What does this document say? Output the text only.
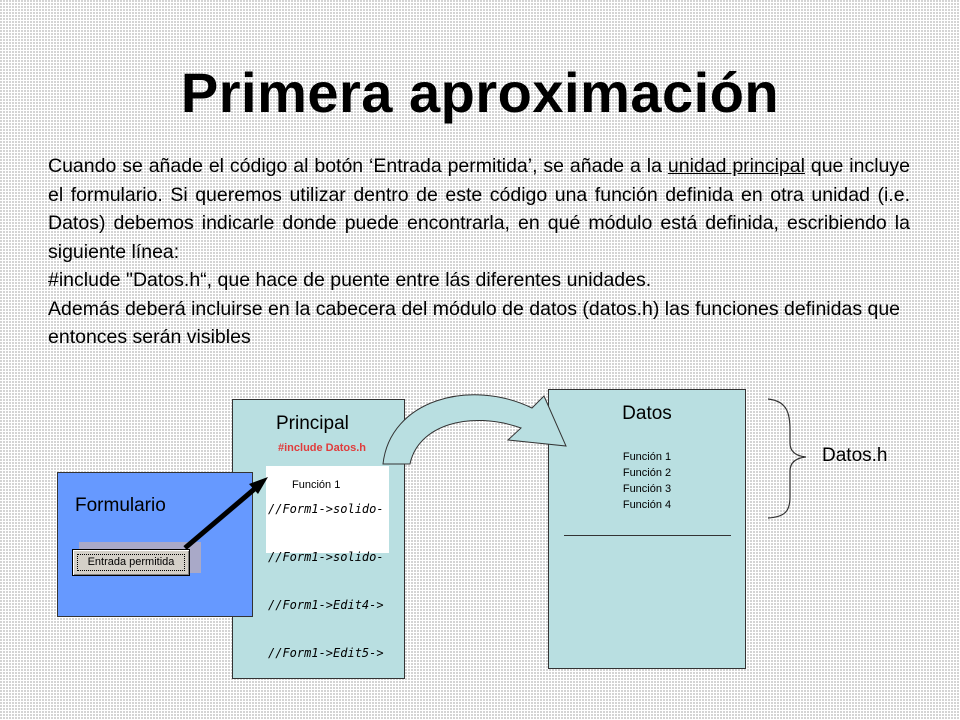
Primera aproximación

Cuando se añade el código al botón ‘Entrada permitida’, se añade a la unidad principal que incluye el formulario. Si queremos utilizar dentro de este código una función definida en otra unidad (i.e. Datos) debemos indicarle donde puede encontrarla, en qué módulo está definida, escribiendo la siguiente línea:

#include "Datos.h“, que hace de puente entre lás diferentes unidades.

Además deberá incluirse en la cabecera del módulo de datos (datos.h) las funciones definidas que entonces serán visibles

Principal
#include Datos.h

//Form1->solido-

//Form1->solido-

//Form1->Edit4->

//Form1->Edit5->

Función 1
Datos
Función 1
Función 2
Función 3
Función 4
Formulario
Entrada permitida
Datos.h
